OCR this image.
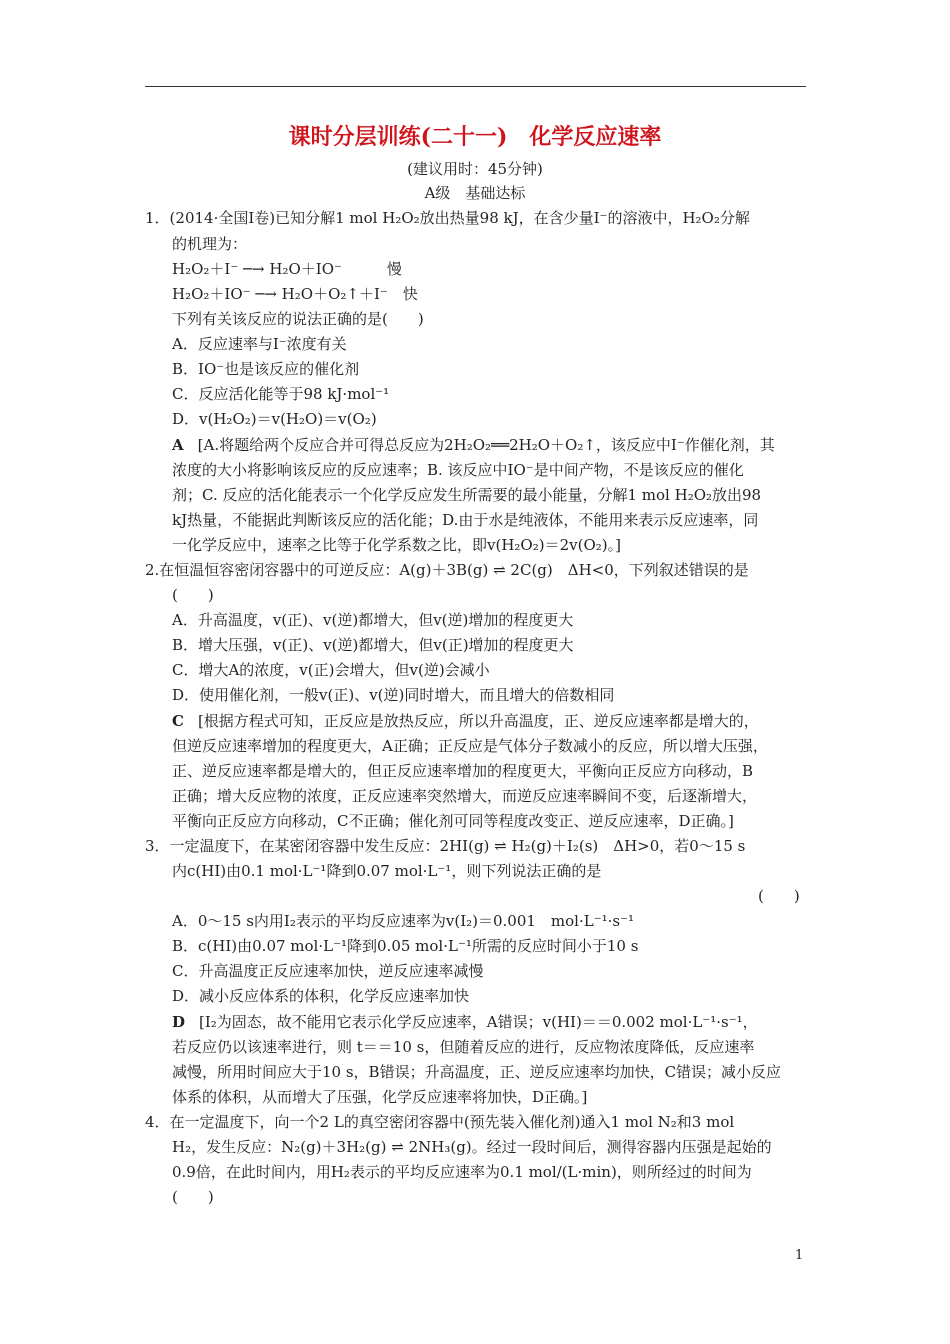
课时分层训练(二十一)　化学反应速率
(建议用时：45分钟)
A级　基础达标
1．(2014·全国Ⅰ卷)已知分解1 mol H₂O₂放出热量98 kJ，在含少量I⁻的溶液中，H₂O₂分解
的机理为：
H₂O₂＋I⁻ ─→ H₂O＋IO⁻　　　慢
H₂O₂＋IO⁻ ─→ H₂O＋O₂↑＋I⁻　快
下列有关该反应的说法正确的是(　　)
A．反应速率与I⁻浓度有关
B．IO⁻也是该反应的催化剂
C．反应活化能等于98 kJ·mol⁻¹
D．v(H₂O₂)＝v(H₂O)＝v(O₂)
A [A.将题给两个反应合并可得总反应为2H₂O₂══2H₂O＋O₂↑，该反应中I⁻作催化剂，其
浓度的大小将影响该反应的反应速率；B. 该反应中IO⁻是中间产物，不是该反应的催化
剂；C. 反应的活化能表示一个化学反应发生所需要的最小能量，分解1 mol H₂O₂放出98
kJ热量，不能据此判断该反应的活化能；D.由于水是纯液体，不能用来表示反应速率，同
一化学反应中，速率之比等于化学系数之比，即v(H₂O₂)＝2v(O₂)。]
2.在恒温恒容密闭容器中的可逆反应：A(g)＋3B(g) ⇌ 2C(g)　ΔH<0，下列叙述错误的是
(　　)
A．升高温度，v(正)、v(逆)都增大，但v(逆)增加的程度更大
B．增大压强，v(正)、v(逆)都增大，但v(正)增加的程度更大
C．增大A的浓度，v(正)会增大，但v(逆)会减小
D．使用催化剂，一般v(正)、v(逆)同时增大，而且增大的倍数相同
C [根据方程式可知，正反应是放热反应，所以升高温度，正、逆反应速率都是增大的，
但逆反应速率增加的程度更大，A正确；正反应是气体分子数减小的反应，所以增大压强，
正、逆反应速率都是增大的，但正反应速率增加的程度更大，平衡向正反应方向移动，B
正确；增大反应物的浓度，正反应速率突然增大，而逆反应速率瞬间不变，后逐渐增大，
平衡向正反应方向移动，C不正确；催化剂可同等程度改变正、逆反应速率，D正确。]
3．一定温度下，在某密闭容器中发生反应：2HI(g) ⇌ H₂(g)＋I₂(s)　ΔH>0，若0～15 s
内c(HI)由0.1 mol·L⁻¹降到0.07 mol·L⁻¹，则下列说法正确的是
(　　)
A．0～15 s内用I₂表示的平均反应速率为v(I₂)＝0.001　mol·L⁻¹·s⁻¹
B．c(HI)由0.07 mol·L⁻¹降到0.05 mol·L⁻¹所需的反应时间小于10 s
C．升高温度正反应速率加快，逆反应速率减慢
D．减小反应体系的体积，化学反应速率加快
D [I₂为固态，故不能用它表示化学反应速率，A错误；v(HI)＝＝0.002 mol·L⁻¹·s⁻¹，
若反应仍以该速率进行，则 t＝＝10 s，但随着反应的进行，反应物浓度降低，反应速率
减慢，所用时间应大于10 s，B错误；升高温度，正、逆反应速率均加快，C错误；减小反应
体系的体积，从而增大了压强，化学反应速率将加快，D正确。]
4．在一定温度下，向一个2 L的真空密闭容器中(预先装入催化剂)通入1 mol N₂和3 mol
H₂，发生反应：N₂(g)＋3H₂(g) ⇌ 2NH₃(g)。经过一段时间后，测得容器内压强是起始的
0.9倍，在此时间内，用H₂表示的平均反应速率为0.1 mol/(L·min)，则所经过的时间为
(　　)
1
